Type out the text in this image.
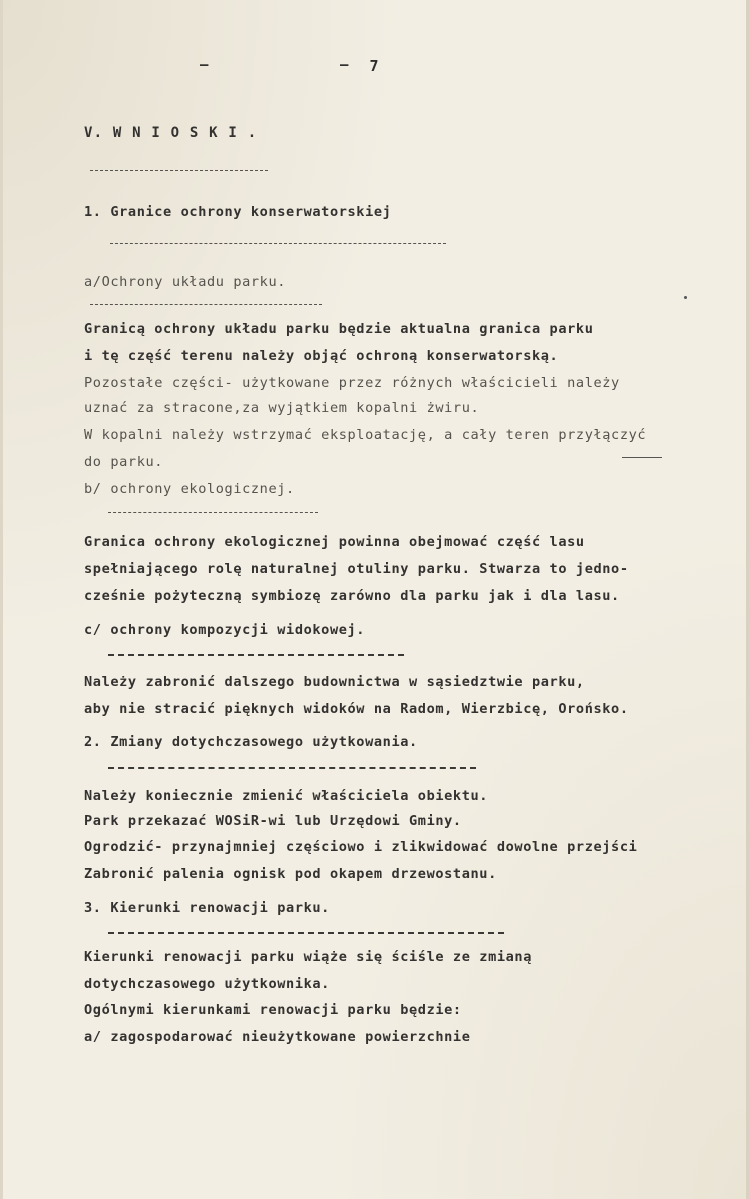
7
—	—

V. W N I O S K I .

1. Granice ochrony konserwatorskiej

a/Ochrony układu parku.

Granicą ochrony układu parku będzie aktualna granica parku

i tę część terenu należy objąć ochroną konserwatorską.

Pozostałe części- użytkowane przez różnych właścicieli należy

uznać za stracone,za wyjątkiem kopalni żwiru.

W kopalni należy wstrzymać eksploatację, a cały teren przyłączyć

do parku.

b/ ochrony ekologicznej.

Granica ochrony ekologicznej powinna obejmować część lasu

spełniającego rolę naturalnej otuliny parku. Stwarza to jedno-

cześnie pożyteczną symbiozę zarówno dla parku jak i dla lasu.

c/ ochrony kompozycji widokowej.

Należy zabronić dalszego budownictwa w sąsiedztwie parku,

aby nie stracić pięknych widoków na Radom, Wierzbicę, Orońsko.

2. Zmiany dotychczasowego użytkowania.

Należy koniecznie zmienić właściciela obiektu.

Park przekazać WOSiR-wi lub Urzędowi Gminy.

Ogrodzić- przynajmniej częściowo i zlikwidować dowolne przejści

Zabronić palenia ognisk pod okapem drzewostanu.

3. Kierunki renowacji parku.

Kierunki renowacji parku wiąże się ściśle ze zmianą

dotychczasowego użytkownika.

Ogólnymi kierunkami renowacji parku będzie:

a/ zagospodarować nieużytkowane powierzchnie
